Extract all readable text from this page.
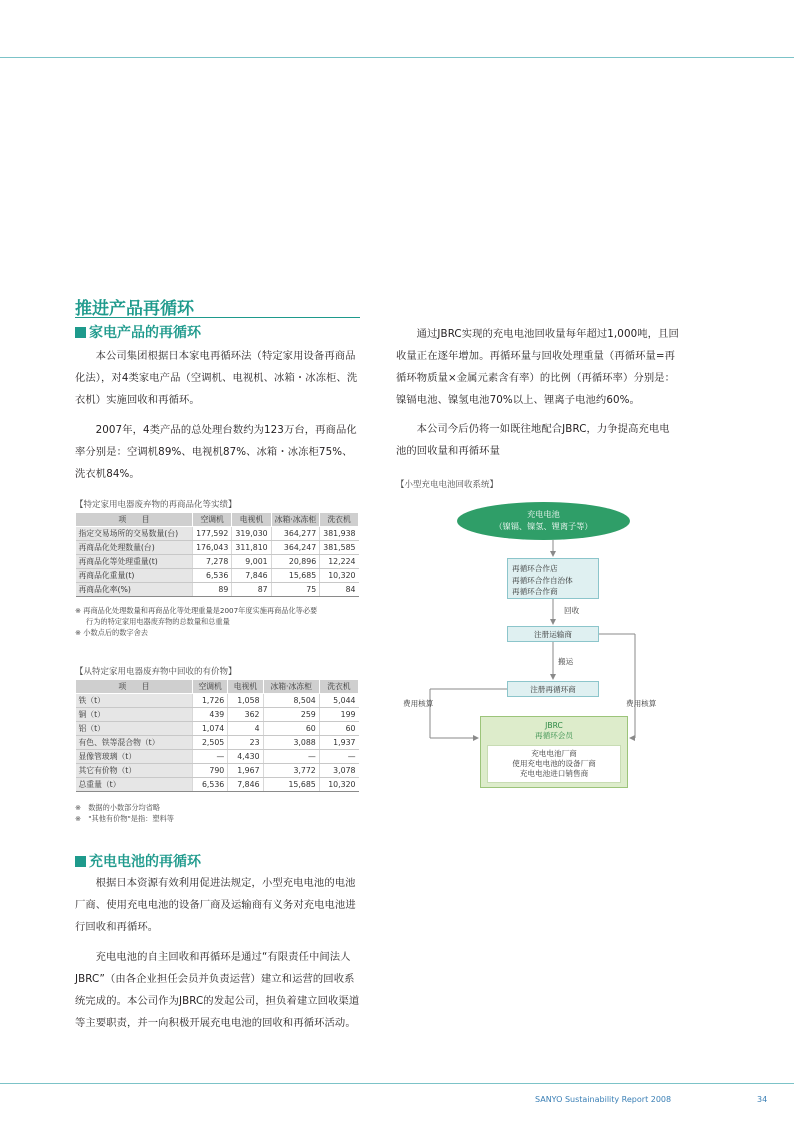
推进产品再循环
家电产品的再循环

本公司集团根据日本家电再循环法（特定家用设备再商品化法），对4类家电产品（空调机、电视机、冰箱・冰冻柜、洗衣机）实施回收和再循环。

2007年，4类产品的总处理台数约为123万台，再商品化率分别是：空调机89%、电视机87%、冰箱・冰冻柜75%、洗衣机84%。

【特定家用电器废弃物的再商品化等实绩】

项　　目	空调机	电视机	冰箱·冰冻柜	洗衣机
指定交易场所的交易数量(台)	177,592	319,030	364,277	381,938
再商品化处理数量(台)	176,043	311,810	364,247	381,585
再商品化等处理重量(t)	7,278	9,001	20,896	12,224
再商品化重量(t)	6,536	7,846	15,685	10,320
再商品化率(%)	89	87	75	84

※ 再商品化处理数量和再商品化等处理重量是2007年度实施再商品化等必要
行为的特定家用电器废弃物的总数量和总重量
※ 小数点后的数字舍去

【从特定家用电器废弃物中回收的有价物】

项　　目	空调机	电视机	冰箱·冰冻柜	洗衣机
铁（t）	1,726	1,058	8,504	5,044
铜（t）	439	362	259	199
铝（t）	1,074	4	60	60
有色、铁等混合物（t）	2,505	23	3,088	1,937
显像管玻璃（t）	—	4,430	—	—
其它有价物（t）	790	1,967	3,772	3,078
总重量（t）	6,536	7,846	15,685	10,320

※　数据的小数部分均省略
※　"其他有价物"是指：塑料等

充电电池的再循环

根据日本资源有效利用促进法规定，小型充电电池的电池厂商、使用充电电池的设备厂商及运输商有义务对充电电池进行回收和再循环。

充电电池的自主回收和再循环是通过“有限责任中间法人JBRC”（由各企业担任会员并负责运营）建立和运营的回收系统完成的。本公司作为JBRC的发起公司，担负着建立回收渠道等主要职责，并一向积极开展充电电池的回收和再循环活动。

通过JBRC实现的充电电池回收量每年超过1,000吨，且回收量正在逐年增加。再循环量与回收处理重量（再循环量=再循环物质量×金属元素含有率）的比例（再循环率）分别是：镍镉电池、镍氢电池70%以上、锂离子电池约60%。

本公司今后仍将一如既往地配合JBRC，力争提高充电电池的回收量和再循环量

【小型充电电池回收系统】

充电电池
（镍镉、镍氢、锂离子等）
再循环合作店
再循环合作自治体
再循环合作商
回收
注册运输商
搬运
注册再循环商
费用核算	费用核算
JBRC
再循环会员
充电电池厂商
使用充电电池的设备厂商
充电电池进口销售商

SANYO Sustainability Report 2008	34
